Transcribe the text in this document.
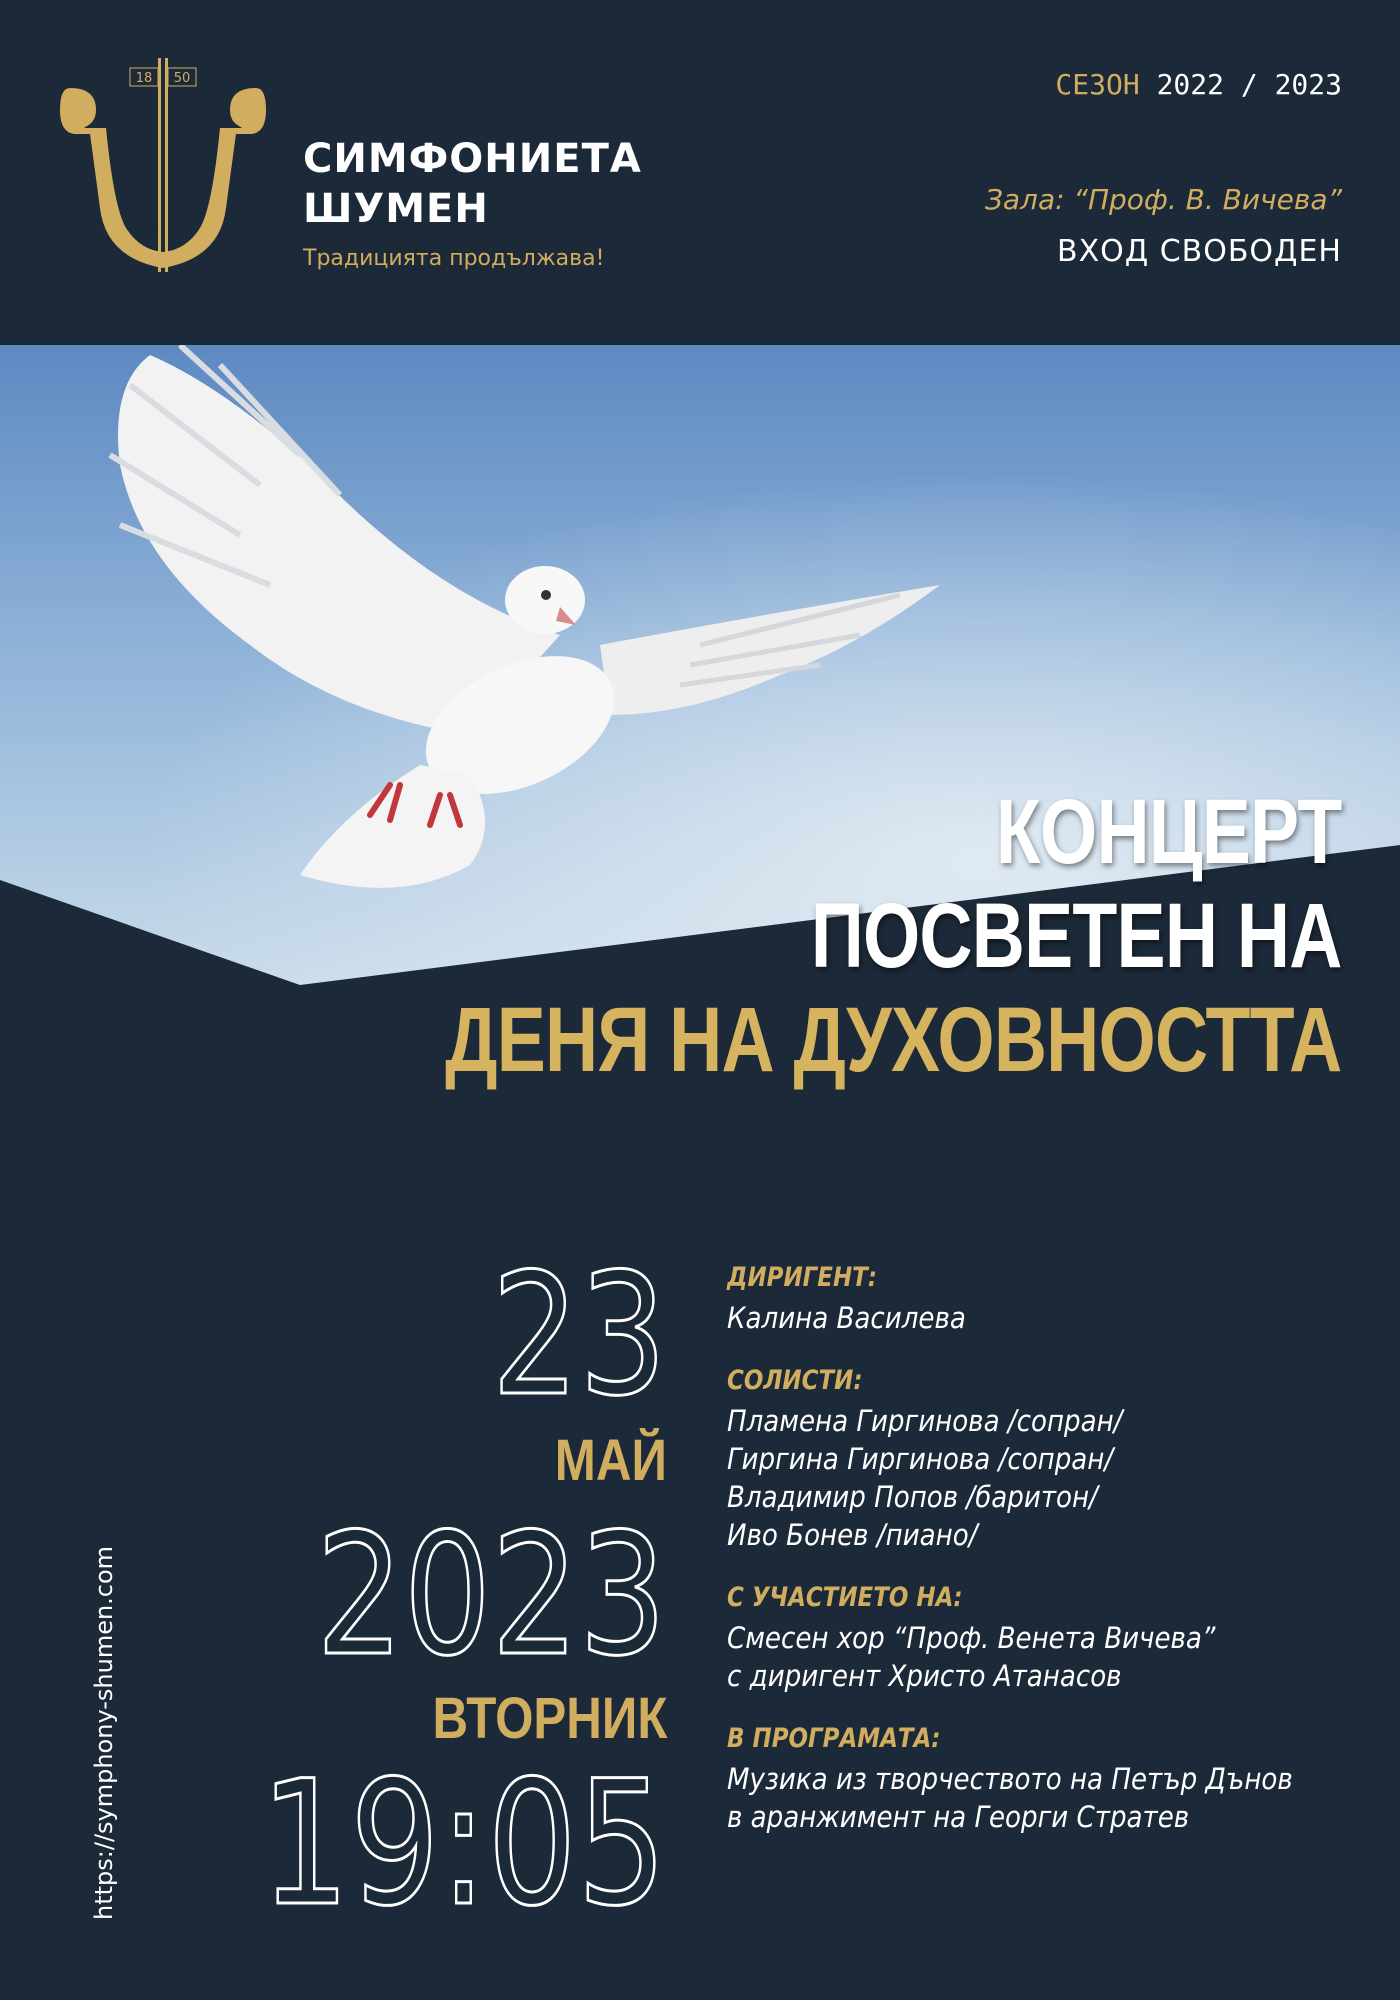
18 50
СИМФОНИЕТА
ШУМЕН
Традицията продължава!
СЕЗОН 2022 / 2023
Зала: “Проф. В. Вичева”
ВХОД СВОБОДЕН
КОНЦЕРТ
ПОСВЕТЕН НА
ДЕНЯ НА ДУХОВНОСТТА
23
МАЙ
2023
ВТОРНИК
19:05
ДИРИГЕНТ:
Калина Василева
СОЛИСТИ:
Пламена Гиргинова /сопран/
Гиргина Гиргинова /сопран/
Владимир Попов /баритон/
Иво Бонев /пиано/
С УЧАСТИЕТО НА:
Смесен хор “Проф. Венета Вичева”
с диригент Христо Атанасов
В ПРОГРАМАТА:
Музика из творчеството на Петър Дънов
в аранжимент на Георги Стратев
https://symphony-shumen.com
